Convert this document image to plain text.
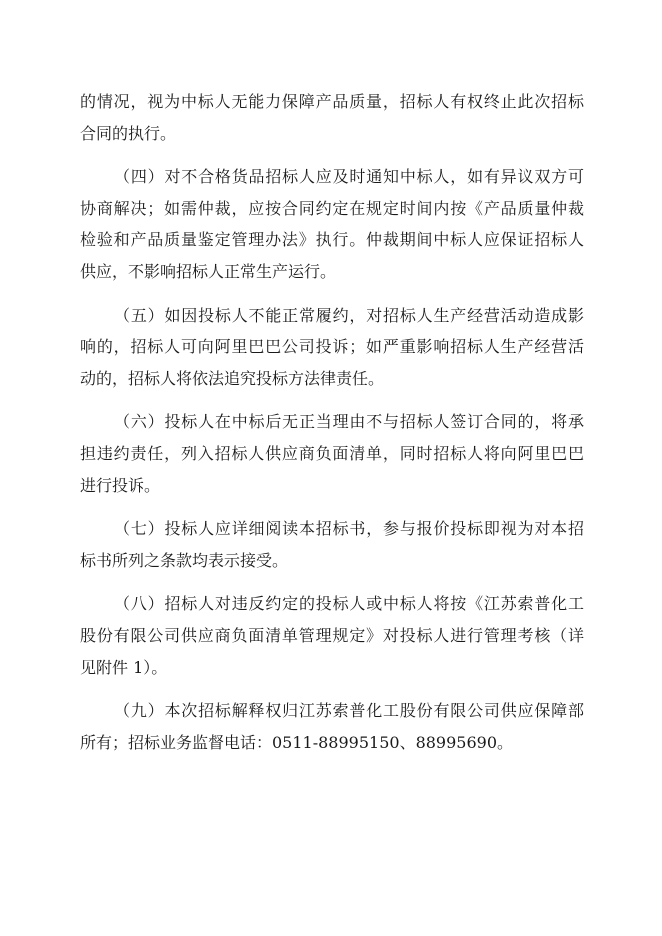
的情况，视为中标人无能力保障产品质量，招标人有权终止此次招标
合同的执行。
（四）对不合格货品招标人应及时通知中标人，如有异议双方可
协商解决；如需仲裁，应按合同约定在规定时间内按《产品质量仲裁
检验和产品质量鉴定管理办法》执行。仲裁期间中标人应保证招标人
供应，不影响招标人正常生产运行。
（五）如因投标人不能正常履约，对招标人生产经营活动造成影
响的，招标人可向阿里巴巴公司投诉；如严重影响招标人生产经营活
动的，招标人将依法追究投标方法律责任。
（六）投标人在中标后无正当理由不与招标人签订合同的，将承
担违约责任，列入招标人供应商负面清单，同时招标人将向阿里巴巴
进行投诉。
（七）投标人应详细阅读本招标书，参与报价投标即视为对本招
标书所列之条款均表示接受。
（八）招标人对违反约定的投标人或中标人将按《江苏索普化工
股份有限公司供应商负面清单管理规定》对投标人进行管理考核（详
见附件 1）。
（九）本次招标解释权归江苏索普化工股份有限公司供应保障部
所有；招标业务监督电话：0511-88995150、88995690。
